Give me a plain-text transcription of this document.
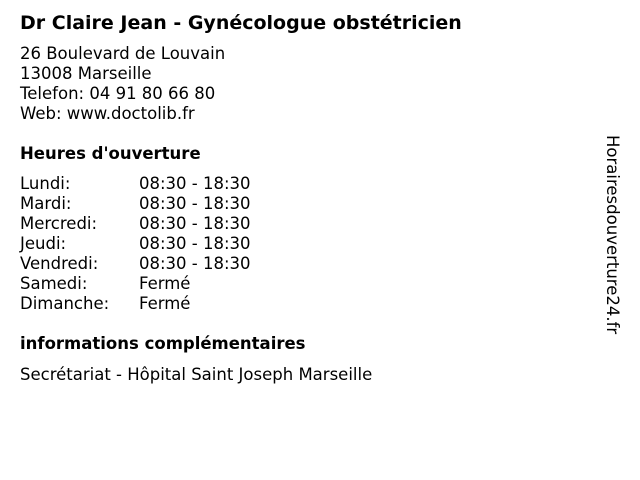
Dr Claire Jean - Gynécologue obstétricien
26 Boulevard de Louvain
13008 Marseille
Telefon: 04 91 80 66 80
Web: www.doctolib.fr
Heures d'ouverture
Lundi:	08:30 - 18:30
Mardi:	08:30 - 18:30
Mercredi:	08:30 - 18:30
Jeudi:	08:30 - 18:30
Vendredi:	08:30 - 18:30
Samedi:	Fermé
Dimanche:	Fermé
informations complémentaires
Secrétariat - Hôpital Saint Joseph Marseille
Horairesdouverture24.fr
